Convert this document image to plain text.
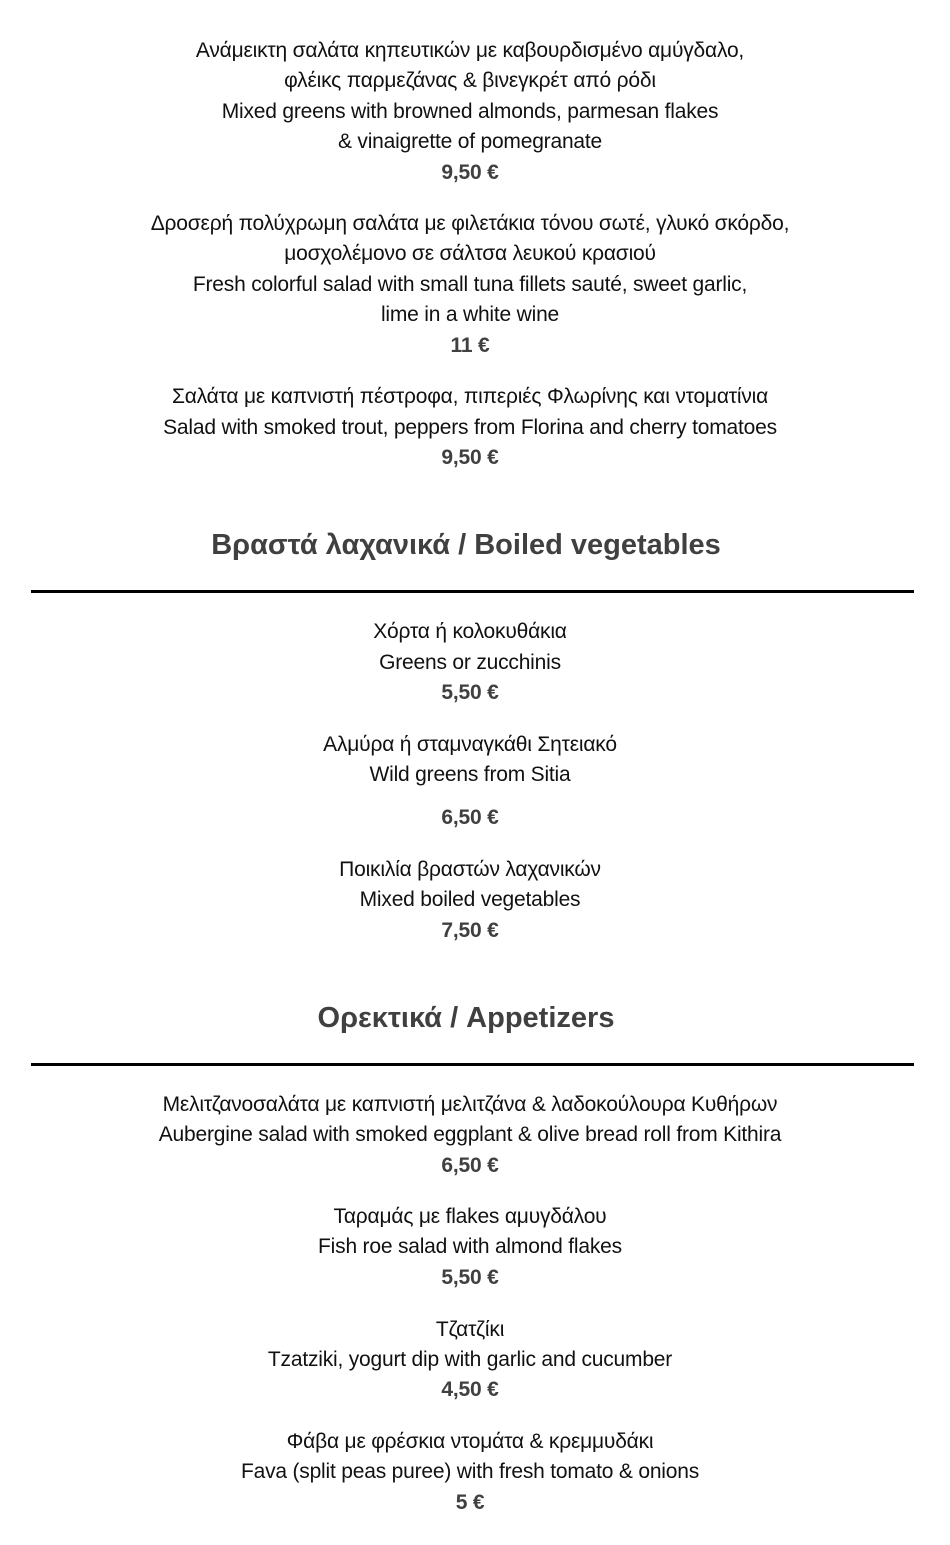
Ανάμεικτη σαλάτα κηπευτικών με καβουρδισμένο αμύγδαλο,
φλέικς παρμεζάνας & βινεγκρέτ από ρόδι
Mixed greens with browned almonds, parmesan flakes
& vinaigrette of pomegranate
9,50 €
Δροσερή πολύχρωμη σαλάτα με φιλετάκια τόνου σωτέ, γλυκό σκόρδο,
μοσχολέμονο σε σάλτσα λευκού κρασιού
Fresh colorful salad with small tuna fillets sauté, sweet garlic,
lime in a white wine
11 €
Σαλάτα με καπνιστή πέστροφα, πιπεριές Φλωρίνης και ντοματίνια
Salad with smoked trout, peppers from Florina and cherry tomatoes
9,50 €
Βραστά λαχανικά / Boiled vegetables
Χόρτα ή κολοκυθάκια
Greens or zucchinis
5,50 €
Αλμύρα ή σταμναγκάθι Σητειακό
Wild greens from Sitia
6,50 €
Ποικιλία βραστών λαχανικών
Mixed boiled vegetables
7,50 €
Ορεκτικά / Appetizers
Μελιτζανοσαλάτα με καπνιστή μελιτζάνα & λαδοκούλουρα Κυθήρων
Aubergine salad with smoked eggplant & olive bread roll from Kithira
6,50 €
Ταραμάς με flakes αμυγδάλου
Fish roe salad with almond flakes
5,50 €
Τζατζίκι
Tzatziki, yogurt dip with garlic and cucumber
4,50 €
Φάβα με φρέσκια ντομάτα & κρεμμυδάκι
Fava (split peas puree) with fresh tomato & onions
5 €
